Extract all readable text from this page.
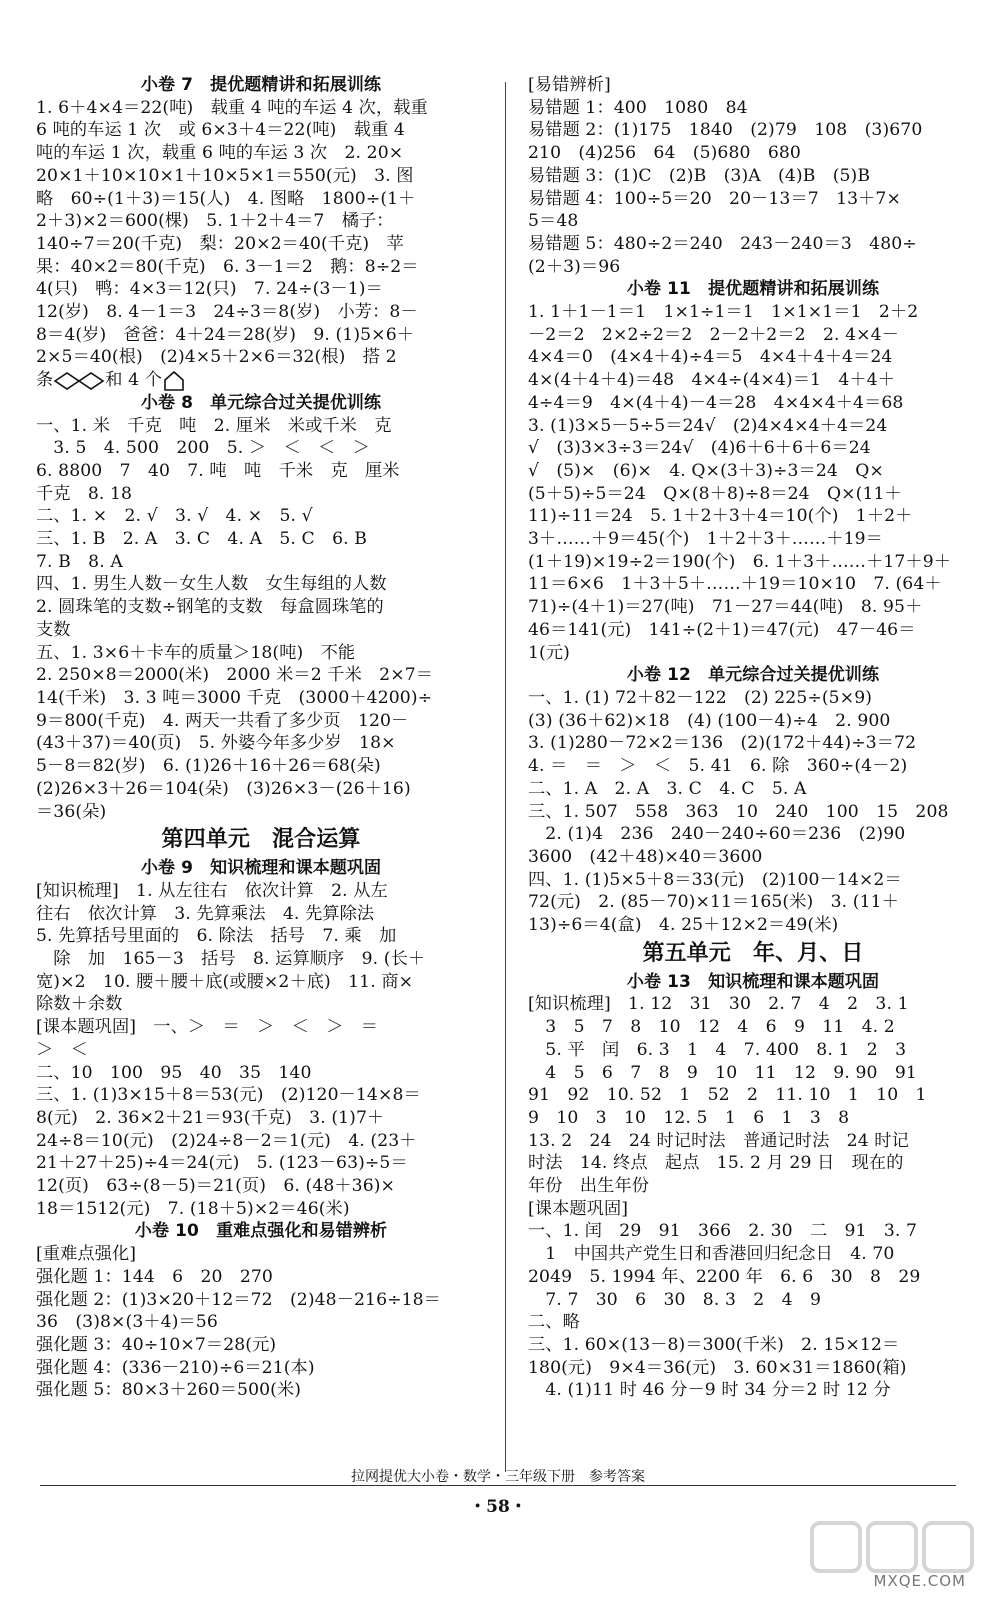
小卷 7　提优题精讲和拓展训练
1. 6＋4×4＝22(吨)　载重 4 吨的车运 4 次，载重
6 吨的车运 1 次　或 6×3＋4＝22(吨)　载重 4
吨的车运 1 次，载重 6 吨的车运 3 次　2. 20×
20×1＋10×10×1＋10×5×1＝550(元)　3. 图
略　60÷(1＋3)＝15(人)　4. 图略　1800÷(1＋
2＋3)×2＝600(棵)　5. 1＋2＋4＝7　橘子：
140÷7＝20(千克)　梨：20×2＝40(千克)　苹
果：40×2＝80(千克)　6. 3－1＝2　鹅：8÷2＝
4(只)　鸭：4×3＝12(只)　7. 24÷(3－1)＝
12(岁)　8. 4－1＝3　24÷3＝8(岁)　小芳：8－
8＝4(岁)　爸爸：4＋24＝28(岁)　9. (1)5×6＋
2×5＝40(根)　(2)4×5＋2×6＝32(根)　搭 2
条	和 4 个
小卷 8　单元综合过关提优训练
一、1. 米　千克　吨　2. 厘米　米或千米　克
　3. 5　4. 500　200　5. ＞　＜　＜　＞
6. 8800　7　40　7. 吨　吨　千米　克　厘米
千克　8. 18
二、1. ×　2. √　3. √　4. ×　5. √
三、1. B　2. A　3. C　4. A　5. C　6. B
7. B　8. A
四、1. 男生人数－女生人数　女生每组的人数
2. 圆珠笔的支数÷钢笔的支数　每盒圆珠笔的
支数
五、1. 3×6＋卡车的质量＞18(吨)　不能
2. 250×8＝2000(米)　2000 米＝2 千米　2×7＝
14(千米)　3. 3 吨＝3000 千克　(3000＋4200)÷
9＝800(千克)　4. 两天一共看了多少页　120－
(43＋37)＝40(页)　5. 外婆今年多少岁　18×
5－8＝82(岁)　6. (1)26＋16＋26＝68(朵)
(2)26×3＋26＝104(朵)　(3)26×3－(26＋16)
＝36(朵)
第四单元　混合运算
小卷 9　知识梳理和课本题巩固
[知识梳理]　1. 从左往右　依次计算　2. 从左
往右　依次计算　3. 先算乘法　4. 先算除法
5. 先算括号里面的　6. 除法　括号　7. 乘　加
　除　加　165－3　括号　8. 运算顺序　9. (长＋
宽)×2　10. 腰＋腰＋底(或腰×2＋底)　11. 商×
除数＋余数
[课本题巩固]　一、＞　＝　＞　＜　＞　＝
＞　＜
二、10　100　95　40　35　140
三、1. (1)3×15＋8＝53(元)　(2)120－14×8＝
8(元)　2. 36×2＋21＝93(千克)　3. (1)7＋
24÷8＝10(元)　(2)24÷8－2＝1(元)　4. (23＋
21＋27＋25)÷4＝24(元)　5. (123－63)÷5＝
12(页)　63÷(8－5)＝21(页)　6. (48＋36)×
18＝1512(元)　7. (18＋5)×2＝46(米)
小卷 10　重难点强化和易错辨析
[重难点强化]
强化题 1：144　6　20　270
强化题 2：(1)3×20＋12＝72　(2)48－216÷18＝
36　(3)8×(3＋4)＝56
强化题 3：40÷10×7＝28(元)
强化题 4：(336－210)÷6＝21(本)
强化题 5：80×3＋260＝500(米)
[易错辨析]
易错题 1：400　1080　84
易错题 2：(1)175　1840　(2)79　108　(3)670
210　(4)256　64　(5)680　680
易错题 3：(1)C　(2)B　(3)A　(4)B　(5)B
易错题 4：100÷5＝20　20－13＝7　13＋7×
5＝48
易错题 5：480÷2＝240　243－240＝3　480÷
(2＋3)＝96
小卷 11　提优题精讲和拓展训练
1. 1＋1－1＝1　1×1÷1＝1　1×1×1＝1　2＋2
－2＝2　2×2÷2＝2　2－2＋2＝2　2. 4×4－
4×4＝0　(4×4＋4)÷4＝5　4×4＋4＋4＝24
4×(4＋4＋4)＝48　4×4÷(4×4)＝1　4＋4＋
4÷4＝9　4×(4＋4)－4＝28　4×4×4＋4＝68
3. (1)3×5－5÷5＝24√　(2)4×4×4＋4＝24
√　(3)3×3÷3＝24√　(4)6＋6＋6＋6＝24
√　(5)×　(6)×　4. Q×(3＋3)÷3＝24　Q×
(5＋5)÷5＝24　Q×(8＋8)÷8＝24　Q×(11＋
11)÷11＝24　5. 1＋2＋3＋4＝10(个)　1＋2＋
3＋……＋9＝45(个)　1＋2＋3＋……＋19＝
(1＋19)×19÷2＝190(个)　6. 1＋3＋……＋17＋9＋
11＝6×6　1＋3＋5＋……＋19＝10×10　7. (64＋
71)÷(4＋1)＝27(吨)　71－27＝44(吨)　8. 95＋
46＝141(元)　141÷(2＋1)＝47(元)　47－46＝
1(元)
小卷 12　单元综合过关提优训练
一、1. (1) 72＋82－122　(2) 225÷(5×9)
(3) (36＋62)×18　(4) (100－4)÷4　2. 900
3. (1)280－72×2＝136　(2)(172＋44)÷3＝72
4. ＝　＝　＞　＜　5. 41　6. 除　360÷(4－2)
二、1. A　2. A　3. C　4. C　5. A
三、1. 507　558　363　10　240　100　15　208
　2. (1)4　236　240－240÷60＝236　(2)90
3600　(42＋48)×40＝3600
四、1. (1)5×5＋8＝33(元)　(2)100－14×2＝
72(元)　2. (85－70)×11＝165(米)　3. (11＋
13)÷6＝4(盒)　4. 25＋12×2＝49(米)
第五单元　年、月、日
小卷 13　知识梳理和课本题巩固
[知识梳理]　1. 12　31　30　2. 7　4　2　3. 1
　3　5　7　8　10　12　4　6　9　11　4. 2
　5. 平　闰　6. 3　1　4　7. 400　8. 1　2　3
　4　5　6　7　8　9　10　11　12　9. 90　91
91　92　10. 52　1　52　2　11. 10　1　10　1
9　10　3　10　12. 5　1　6　1　3　8
13. 2　24　24 时记时法　普通记时法　24 时记
时法　14. 终点　起点　15. 2 月 29 日　现在的
年份　出生年份
[课本题巩固]
一、1. 闰　29　91　366　2. 30　二　91　3. 7
　1　中国共产党生日和香港回归纪念日　4. 70
2049　5. 1994 年、2200 年　6. 6　30　8　29
　7. 7　30　6　30　8. 3　2　4　9
二、略
三、1. 60×(13－8)＝300(千米)　2. 15×12＝
180(元)　9×4＝36(元)　3. 60×31＝1860(箱)
　4. (1)11 时 46 分－9 时 34 分＝2 时 12 分
拉网提优大小卷・数学・三年级下册　参考答案
・58・
MXQE.COM
